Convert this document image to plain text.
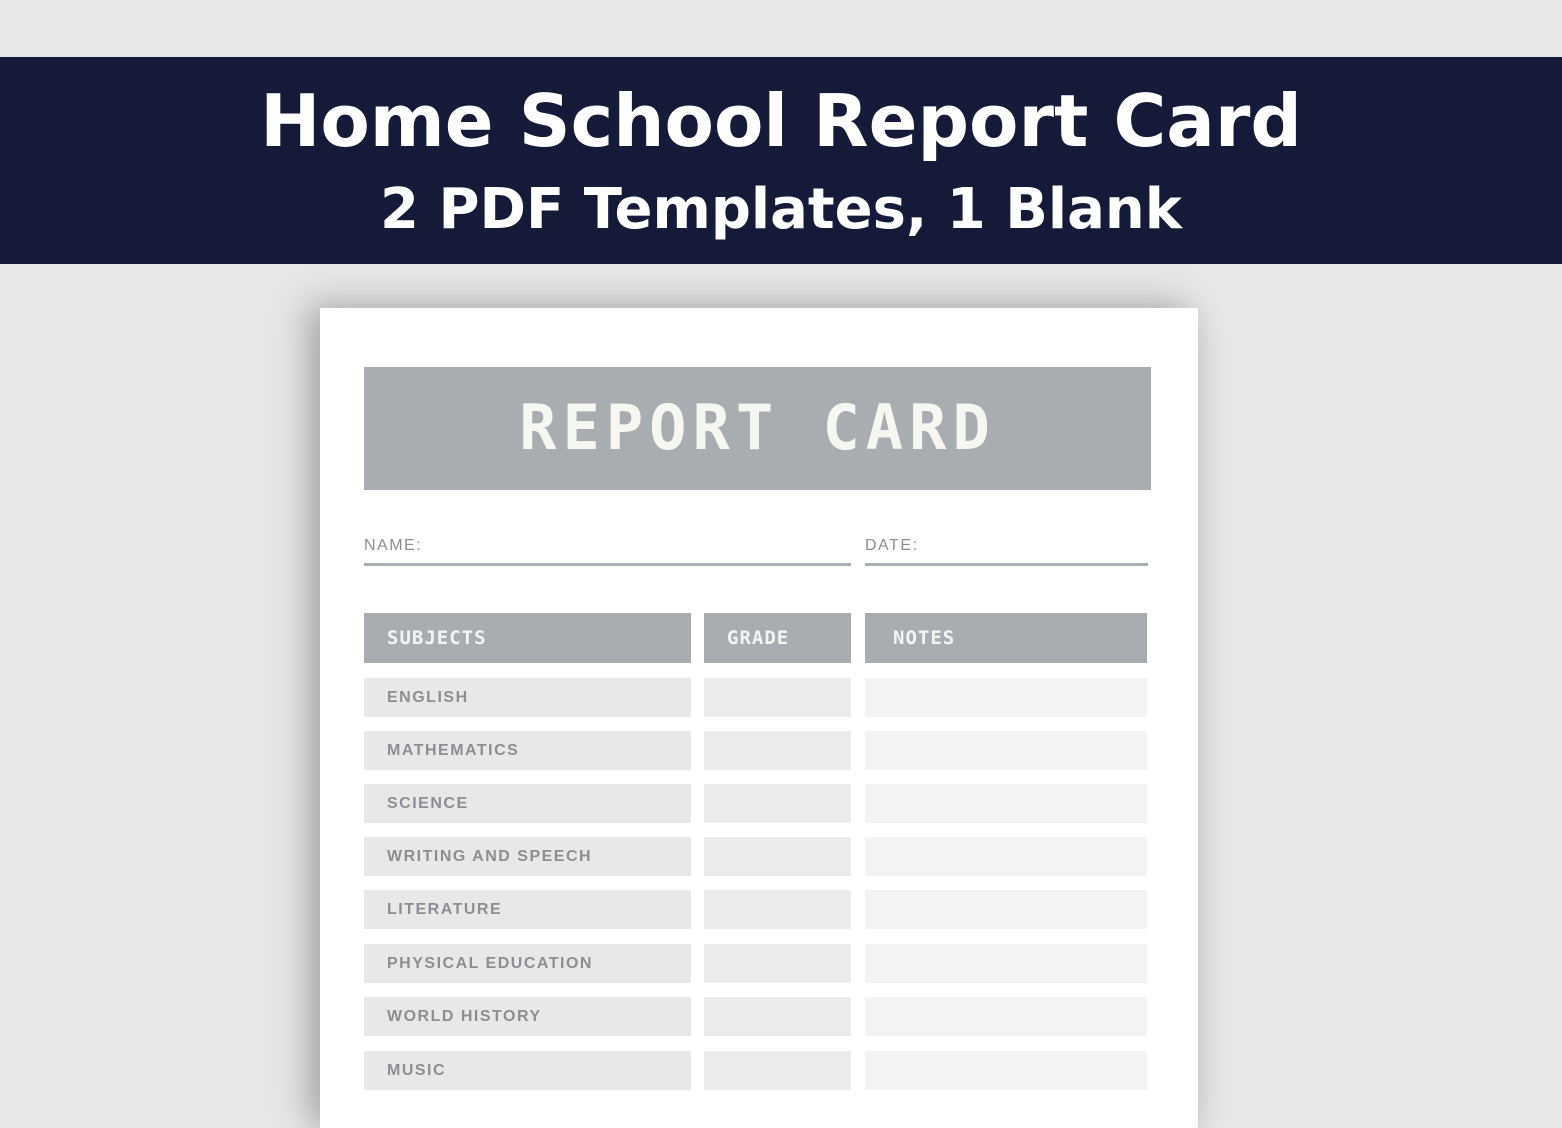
Home School Report Card
2 PDF Templates, 1 Blank
REPORT CARD
NAME:	DATE:
SUBJECTS	GRADE	NOTES
ENGLISH
MATHEMATICS
SCIENCE
WRITING AND SPEECH
LITERATURE
PHYSICAL EDUCATION
WORLD HISTORY
MUSIC
